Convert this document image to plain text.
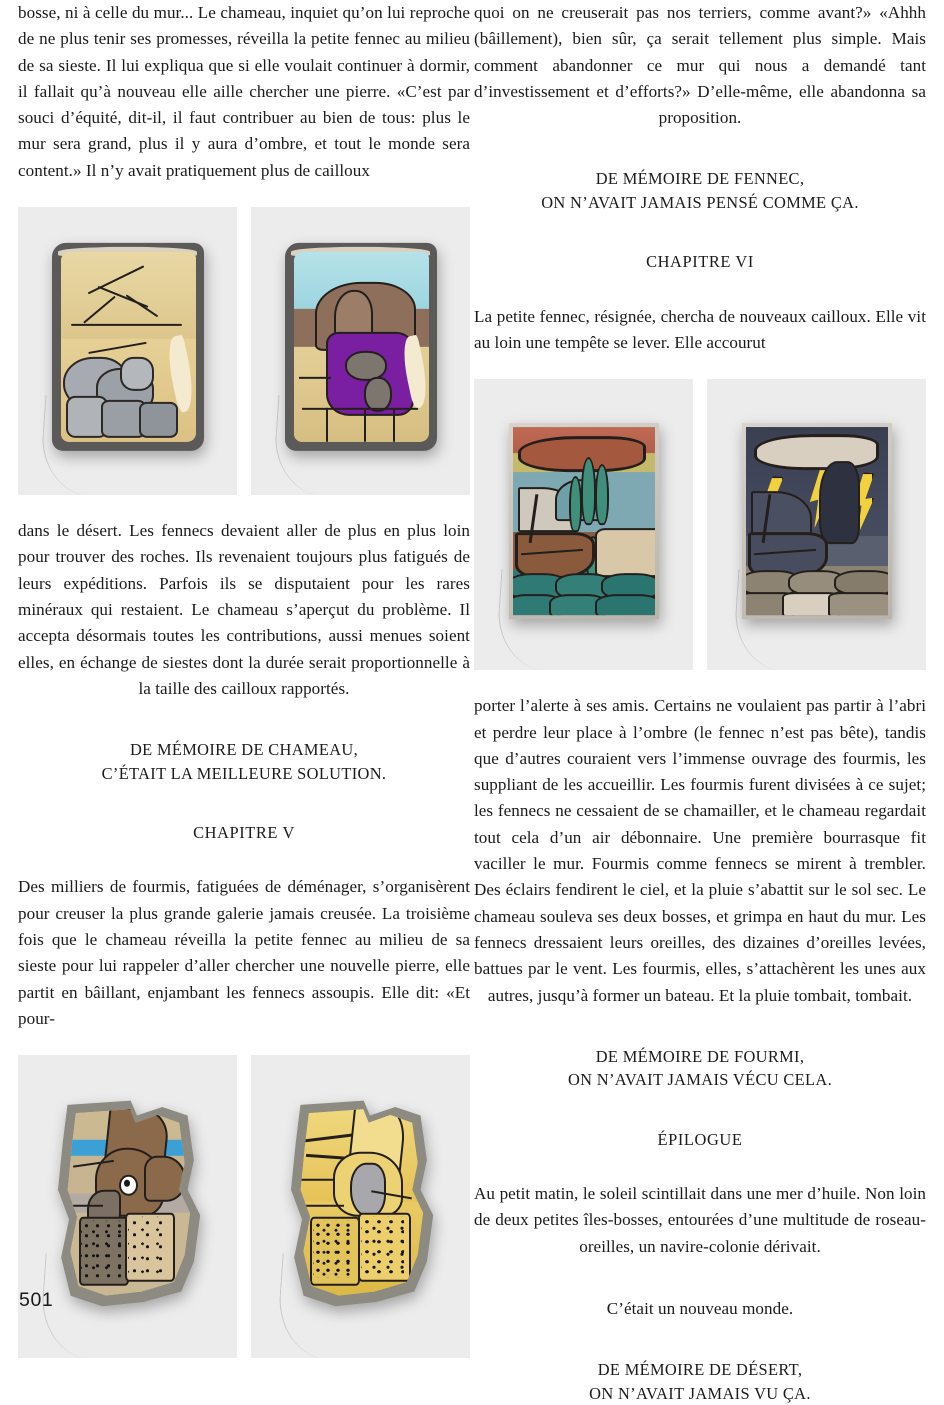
bosse, ni à celle du mur... Le chameau, inquiet qu’on lui reproche de ne plus tenir ses promesses, réveilla la petite fennec au milieu de sa sieste. Il lui expliqua que si elle voulait continuer à dormir, il fallait qu’à nouveau elle aille chercher une pierre. «C’est par souci d’équité, dit-il, il faut contribuer au bien de tous: plus le mur sera grand, plus il y aura d’ombre, et tout le monde sera content.» Il n’y avait pratiquement plus de cailloux

dans le désert. Les fennecs devaient aller de plus en plus loin pour trouver des roches. Ils revenaient toujours plus fatigués de leurs expéditions. Parfois ils se disputaient pour les rares minéraux qui restaient. Le chameau s’aperçut du problème. Il accepta désormais toutes les contributions, aussi menues soient elles, en échange de siestes dont la durée serait proportionnelle à la taille des cailloux rapportés.

DE MÉMOIRE DE CHAMEAU,

C’ÉTAIT LA MEILLEURE SOLUTION.

CHAPITRE V

Des milliers de fourmis, fatiguées de déménager, s’organisèrent pour creuser la plus grande galerie jamais creusée. La troisième fois que le chameau réveilla la petite fennec au milieu de sa sieste pour lui rappeler d’aller chercher une nouvelle pierre, elle partit en bâillant, enjambant les fennecs assoupis. Elle dit: «Et pour-

quoi on ne creuserait pas nos terriers, comme avant?» «Ahhh (bâillement), bien sûr, ça serait tellement plus simple. Mais comment abandonner ce mur qui nous a demandé tant d’investissement et d’efforts?» D’elle-même, elle abandonna sa proposition.

DE MÉMOIRE DE FENNEC,

ON N’AVAIT JAMAIS PENSÉ COMME ÇA.

CHAPITRE VI

La petite fennec, résignée, chercha de nouveaux cailloux. Elle vit au loin une tempête se lever. Elle accourut

porter l’alerte à ses amis. Certains ne voulaient pas partir à l’abri et perdre leur place à l’ombre (le fennec n’est pas bête), tandis que d’autres couraient vers l’immense ouvrage des fourmis, les suppliant de les accueillir. Les fourmis furent divisées à ce sujet; les fennecs ne cessaient de se chamailler, et le chameau regardait tout cela d’un air débonnaire. Une première bourrasque fit vaciller le mur. Fourmis comme fennecs se mirent à trembler. Des éclairs fendirent le ciel, et la pluie s’abattit sur le sol sec. Le chameau souleva ses deux bosses, et grimpa en haut du mur. Les fennecs dressaient leurs oreilles, des dizaines d’oreilles levées, battues par le vent. Les fourmis, elles, s’attachèrent les unes aux autres, jusqu’à former un bateau. Et la pluie tombait, tombait.

DE MÉMOIRE DE FOURMI,

ON N’AVAIT JAMAIS VÉCU CELA.

ÉPILOGUE

Au petit matin, le soleil scintillait dans une mer d’huile. Non loin de deux petites îles-bosses, entourées d’une multitude de roseau-oreilles, un navire-colonie dérivait.

C’était un nouveau monde.

DE MÉMOIRE DE DÉSERT,

ON N’AVAIT JAMAIS VU ÇA.

501
